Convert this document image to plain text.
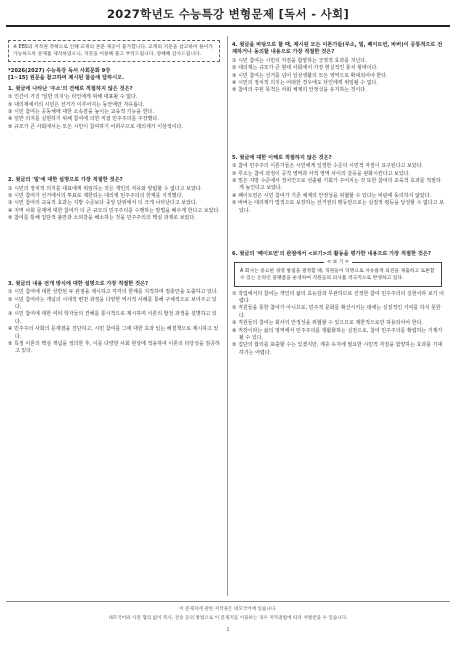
2027학년도 수능특강 변형문제 [독서 - 사회]
※ EBS의 저작권 정책으로 인해 교재의 본문 제공이 불가합니다. 교재의 지문을 참고하여 풀이가 가능하도록 문제를 제작하였으니, 지문을 이용해 풀고 부탁드립니다. 양해해 감사드립니다.
*2026(2027) 수능특강 독서 사회문화 9강
[1~15] 원문을 참고하여 제시된 물음에 답하시오.
1. 윗글에 나타난 '주소'의 견해로 적절하지 않은 것은?
① 인간이 가진 '일반 의지'는 타인에게 위해 대표될 수 없다.
② 대의제에서의 시민은 선거가 이루어지는 동안에만 자유롭다.
③ 시민 참여는 공동체에 대한 소속감을 높이는 교육적 기능을 한다.
④ 일반 의지를 실현하기 위해 참여에 의한 직접 민주주의를 주장했다.
⑤ 규모가 큰 사회에서는 모든 시민이 참여하기 어려우므로 대의제가 이상적이다.
2. 윗글의 '밀'에 대한 설명으로 가장 적절한 것은?
① 시민의 정치적 의지를 대표에게 위임하는 것은 개인의 자유와 양립할 수 없다고 보았다.
② 시민 참여가 선거에서의 투표로 제한되는 대의제 민주주의의 한계를 지적했다.
③ 시민 참여의 교육적 효과는 지방 수준보다 중앙 단위에서 더 크게 나타난다고 보았다.
④ 지역 사회 문제에 대한 참여가 더 큰 규모의 민주주의를 수행하는 방법을 배우게 한다고 보았다.
⑤ 참여를 통해 집단적 불만과 소외감을 해소하는 것을 민주주의의 핵심 과제로 보았다.
3. 윗글의 내용 전개 방식에 대한 설명으로 가장 적절한 것은?
① 시민 참여에 대한 상반된 두 관점을 제시하고 각각의 한계를 지적하며 절충안을 도출하고 있다.
② 시민 참여라는 개념의 시대적 변천 과정을 다양한 역사적 사례를 통해 구체적으로 보여주고 있다.
③ 시민 참여에 대한 여러 학자들의 견해를 통시적으로 제시하며 이론의 발전 과정을 설명하고 있다.
④ 민주주의 사회의 문제점을 진단하고, 시민 참여를 그에 대한 효과 있는 해결책으로 제시하고 있다.
⑤ 특정 이론의 핵심 개념을 정의한 후, 이를 다양한 사회 현상에 적용하여 이론의 타당성을 검증하고 있다.
4. 윗글을 바탕으로 할 때, 제시된 모든 이론가들(루소, 밀, 페이트먼, 바버)이 공통적으로 전제하거나 동의할 내용으로 가장 적절한 것은?
① 시민 참여는 시민의 자질을 함양하는 긍정적 효과를 지닌다.
② 대의제는 규모가 큰 현대 사회에서 가장 현실적인 통치 형태이다.
③ 시민 참여는 선거를 넘어 일상생활의 모든 영역으로 확대되어야 한다.
④ 시민의 정치적 의지는 어떠한 경우에도 타인에게 위임될 수 없다.
⑤ 참여의 주된 목적은 사회 체제의 안정성을 유지하는 것이다.
5. 윗글에 대한 이해로 적절하지 않은 것은?
① 참여 민주주의 이론가들은 시민에게 일정한 수준의 시민적 자질이 요구된다고 보았다.
② 루소는 참여 과정이 공적 영역과 사적 영역 사이의 갈등을 완화시킨다고 보았다.
③ 밀은 지방 수준에서 정치인으로 선출될 기회가 주어지는 것 또한 참여의 교육적 효과를 적절하게 높인다고 보았다.
④ 페이트먼은 시민 참여가 기존 체제의 안정성을 위협할 수 있다는 비판에 동의하지 않았다.
⑤ 바버는 대의제가 법적으로 보장하는 선거권의 평등만으로는 실질적 평등을 달성할 수 없다고 보았다.
6. 윗글의 '페이트먼'의 관점에서 <보기>의 활동을 평가한 내용으로 가장 적절한 것은?
< 보 기 >
A 회사는 중요한 경영 방침을 결정할 때, 직원들이 익명으로 자유롭게 의견을 제출하고 토론할 수 있는 온라인 플랫폼을 운영하여 직원들의 의사를 적극적으로 반영하고 있다.
① 작업에서의 참여는 개인의 삶의 효능감과 무관하므로 진정한 참여 민주주의의 실현이라 보기 어렵다.
② 직원들을 통한 참여가 아니므로, 민주적 문화를 확산시키는 데에는 실질적인 기여를 하지 못한다.
③ 직원들의 참여는 회사의 안정성을 위협할 수 있으므로 제한적으로만 허용되어야 한다.
④ 직장이라는 삶의 영역에서 민주주의를 생활화하는 실천으로, 참여 민주주의를 확립하는 기제가 될 수 있다.
⑤ 집단의 합의를 표출할 수는 있겠지만, 계층 유지에 필요한 시민적 자질을 함양하는 효과를 기대하기는 어렵다.
이 문제지에 관한 저작권은 네모국어에 있습니다.
네모국어와 사전 협의 없이 복사, 전송 등의 방법으로 이 문제지를 이용하는 경우 저작권법에 따라 처벌받을 수 있습니다.
1
